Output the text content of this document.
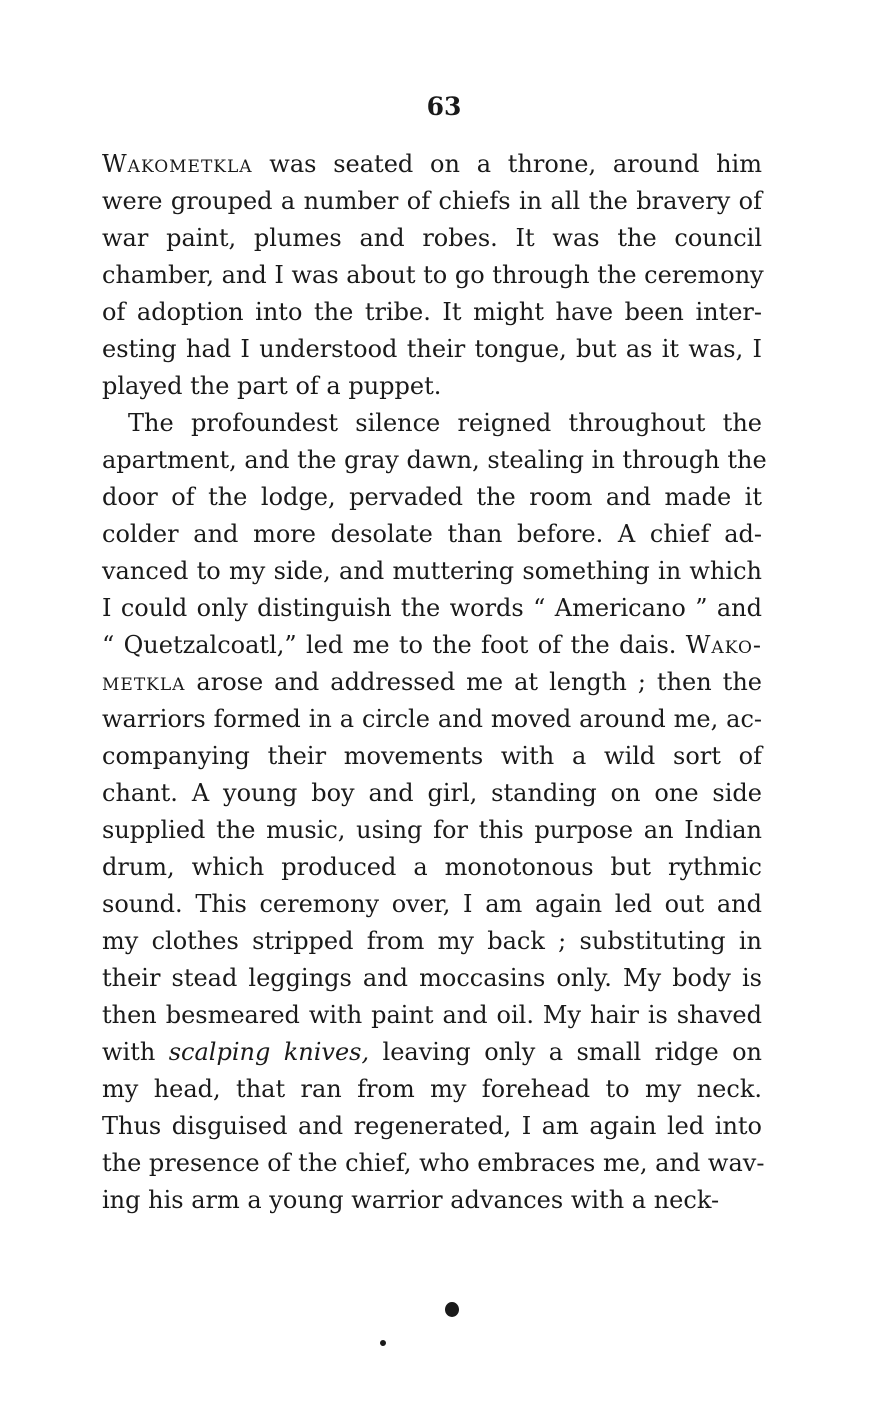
63
Wakometkla was seated on a throne, around him
were grouped a number of chiefs in all the bravery of
war paint, plumes and robes. It was the council
chamber, and I was about to go through the ceremony
of adoption into the tribe. It might have been inter-
esting had I understood their tongue, but as it was, I
played the part of a puppet.
The profoundest silence reigned throughout the
apartment, and the gray dawn, stealing in through the
door of the lodge, pervaded the room and made it
colder and more desolate than before. A chief ad-
vanced to my side, and muttering something in which
I could only distinguish the words “ Americano ” and
“ Quetzalcoatl,” led me to the foot of the dais. Wako-
metkla arose and addressed me at length ; then the
warriors formed in a circle and moved around me, ac-
companying their movements with a wild sort of
chant. A young boy and girl, standing on one side
supplied the music, using for this purpose an Indian
drum, which produced a monotonous but rythmic
sound. This ceremony over, I am again led out and
my clothes stripped from my back ; substituting in
their stead leggings and moccasins only. My body is
then besmeared with paint and oil. My hair is shaved
with scalping knives, leaving only a small ridge on
my head, that ran from my forehead to my neck.
Thus disguised and regenerated, I am again led into
the presence of the chief, who embraces me, and wav-
ing his arm a young warrior advances with a neck-
